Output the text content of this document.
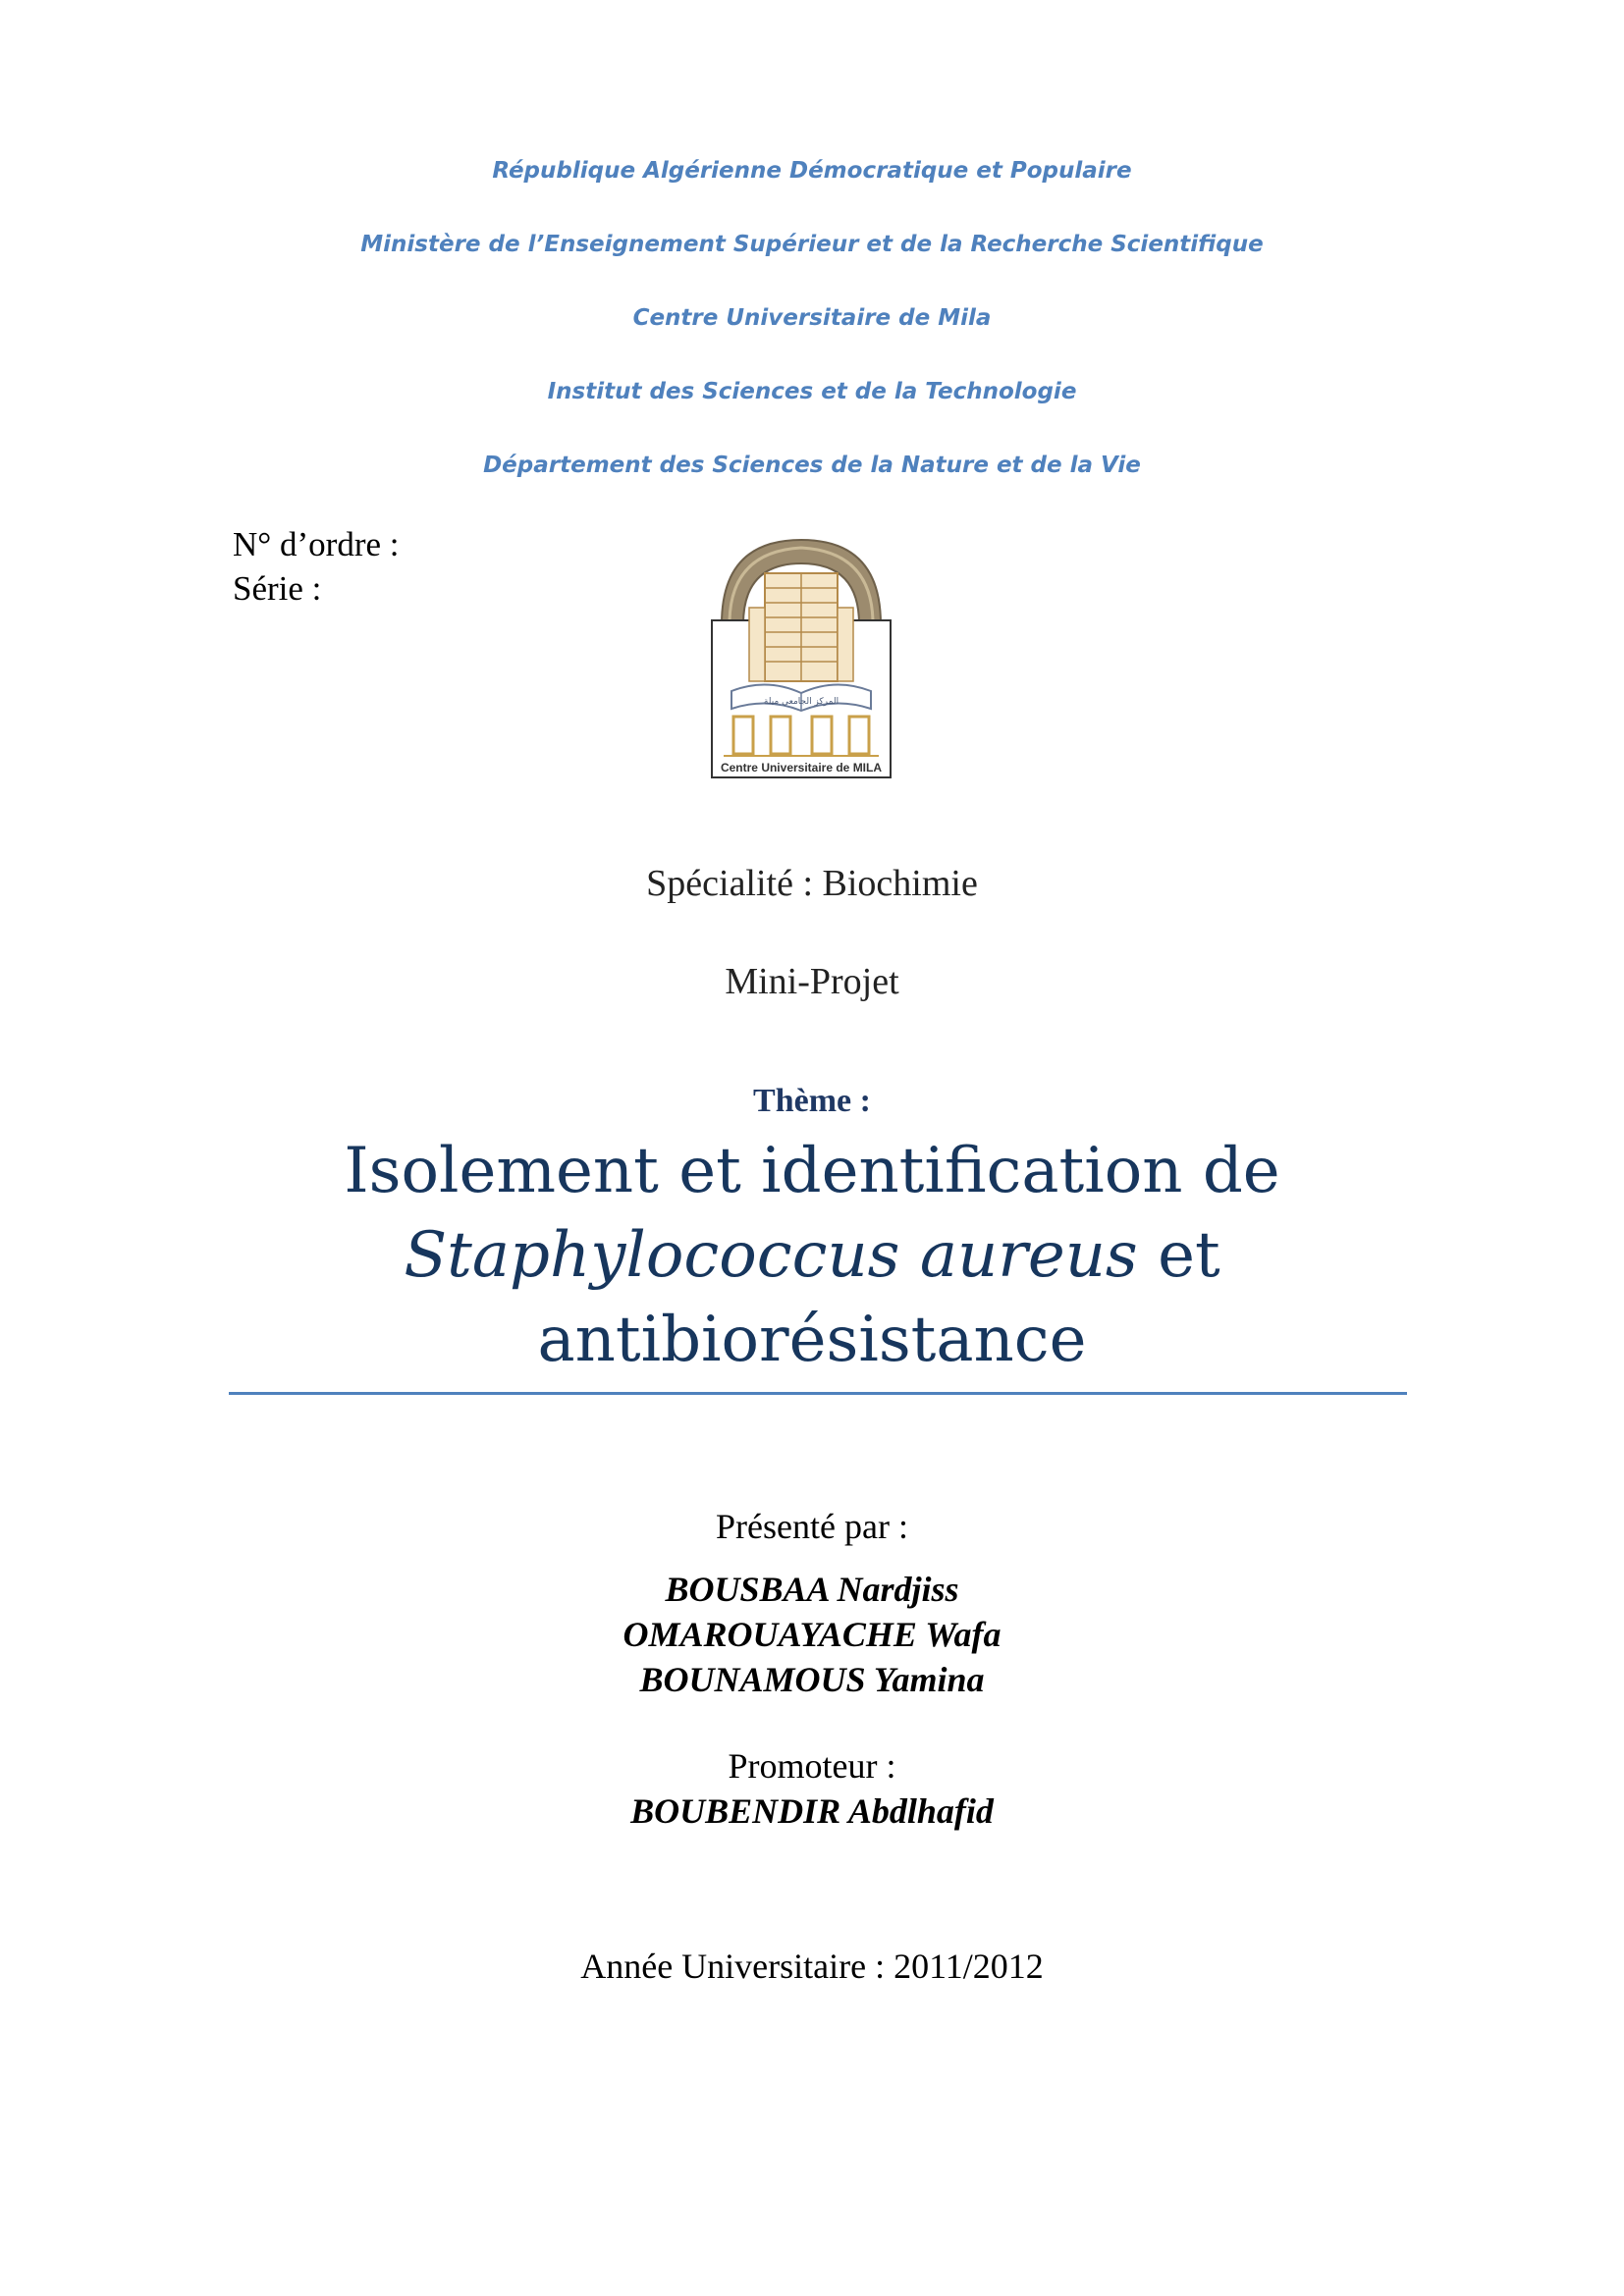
République Algérienne Démocratique et Populaire
Ministère de l’Enseignement Supérieur et de la Recherche Scientifique
Centre Universitaire de Mila
Institut des Sciences et de la Technologie
Département des Sciences de la Nature et de la Vie
N° d’ordre :
Série :
المركز الجامعي ميلة
Centre Universitaire de MILA
Spécialité : Biochimie
Mini-Projet
Thème :
Isolement et identification de
Staphylococcus aureus et
antibiorésistance
Présenté par :
BOUSBAA Nardjiss
OMAROUAYACHE Wafa
BOUNAMOUS Yamina
Promoteur :
BOUBENDIR Abdlhafid
Année Universitaire : 2011/2012
